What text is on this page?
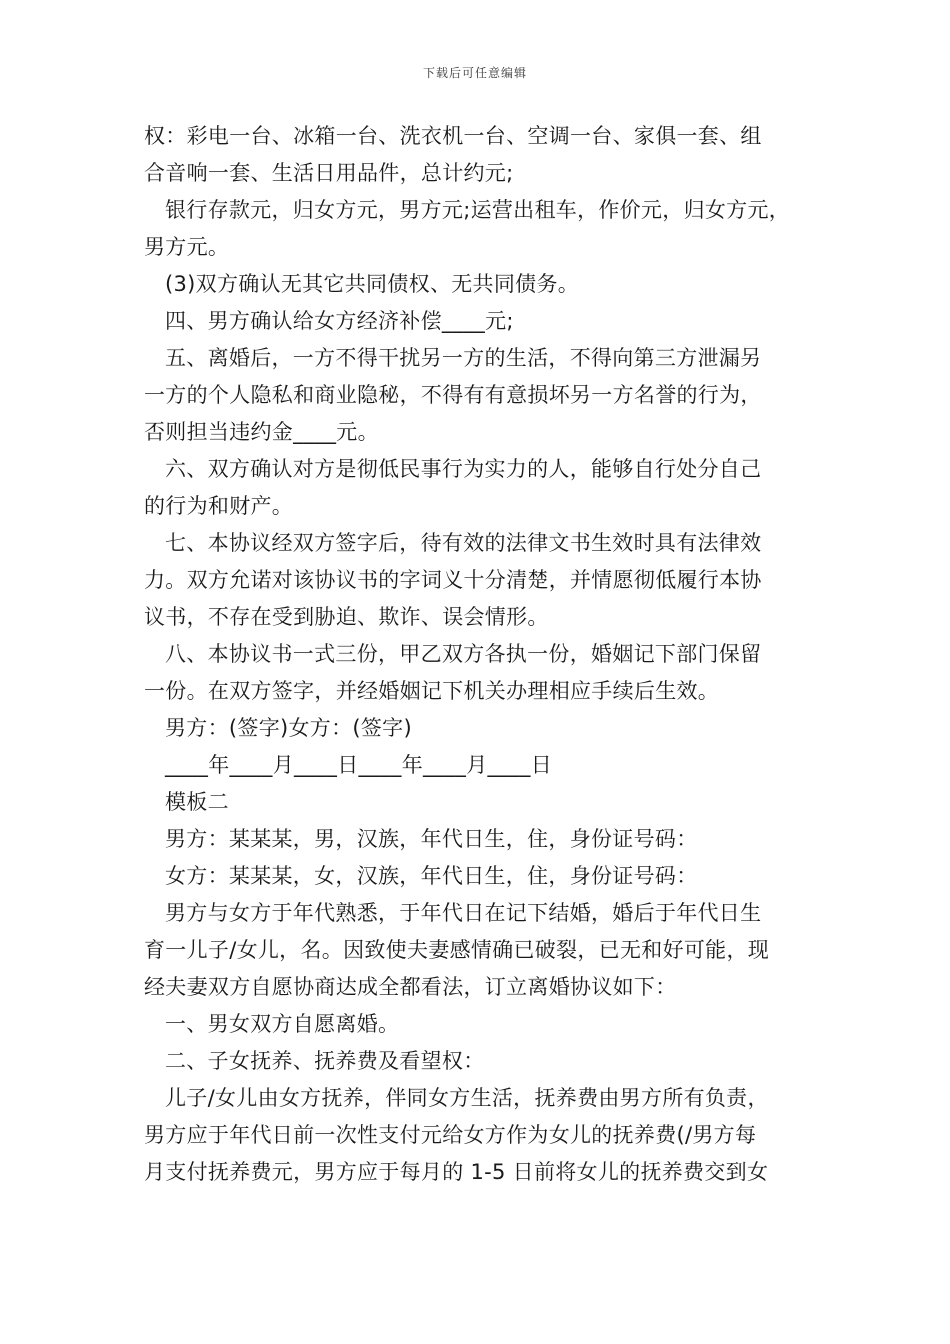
下载后可任意编辑
权：彩电一台、冰箱一台、洗衣机一台、空调一台、家俱一套、组
合音响一套、生活日用品件，总计约元;
银行存款元，归女方元，男方元;运营出租车，作价元，归女方元，
男方元。
(3)双方确认无其它共同债权、无共同债务。
四、男方确认给女方经济补偿____元;
五、离婚后，一方不得干扰另一方的生活，不得向第三方泄漏另
一方的个人隐私和商业隐秘，不得有有意损坏另一方名誉的行为，
否则担当违约金____元。
六、双方确认对方是彻低民事行为实力的人，能够自行处分自己
的行为和财产。
七、本协议经双方签字后，待有效的法律文书生效时具有法律效
力。双方允诺对该协议书的字词义十分清楚，并情愿彻低履行本协
议书，不存在受到胁迫、欺诈、误会情形。
八、本协议书一式三份，甲乙双方各执一份，婚姻记下部门保留
一份。在双方签字，并经婚姻记下机关办理相应手续后生效。
男方：(签字)女方：(签字)
____年____月____日____年____月____日
模板二
男方：某某某，男，汉族，年代日生，住，身份证号码：
女方：某某某，女，汉族，年代日生，住，身份证号码：
男方与女方于年代熟悉，于年代日在记下结婚，婚后于年代日生
育一儿子/女儿，名。因致使夫妻感情确已破裂，已无和好可能，现
经夫妻双方自愿协商达成全都看法，订立离婚协议如下：
一、男女双方自愿离婚。
二、子女抚养、抚养费及看望权：
儿子/女儿由女方抚养，伴同女方生活，抚养费由男方所有负责，
男方应于年代日前一次性支付元给女方作为女儿的抚养费(/男方每
月支付抚养费元，男方应于每月的 1-5 日前将女儿的抚养费交到女
